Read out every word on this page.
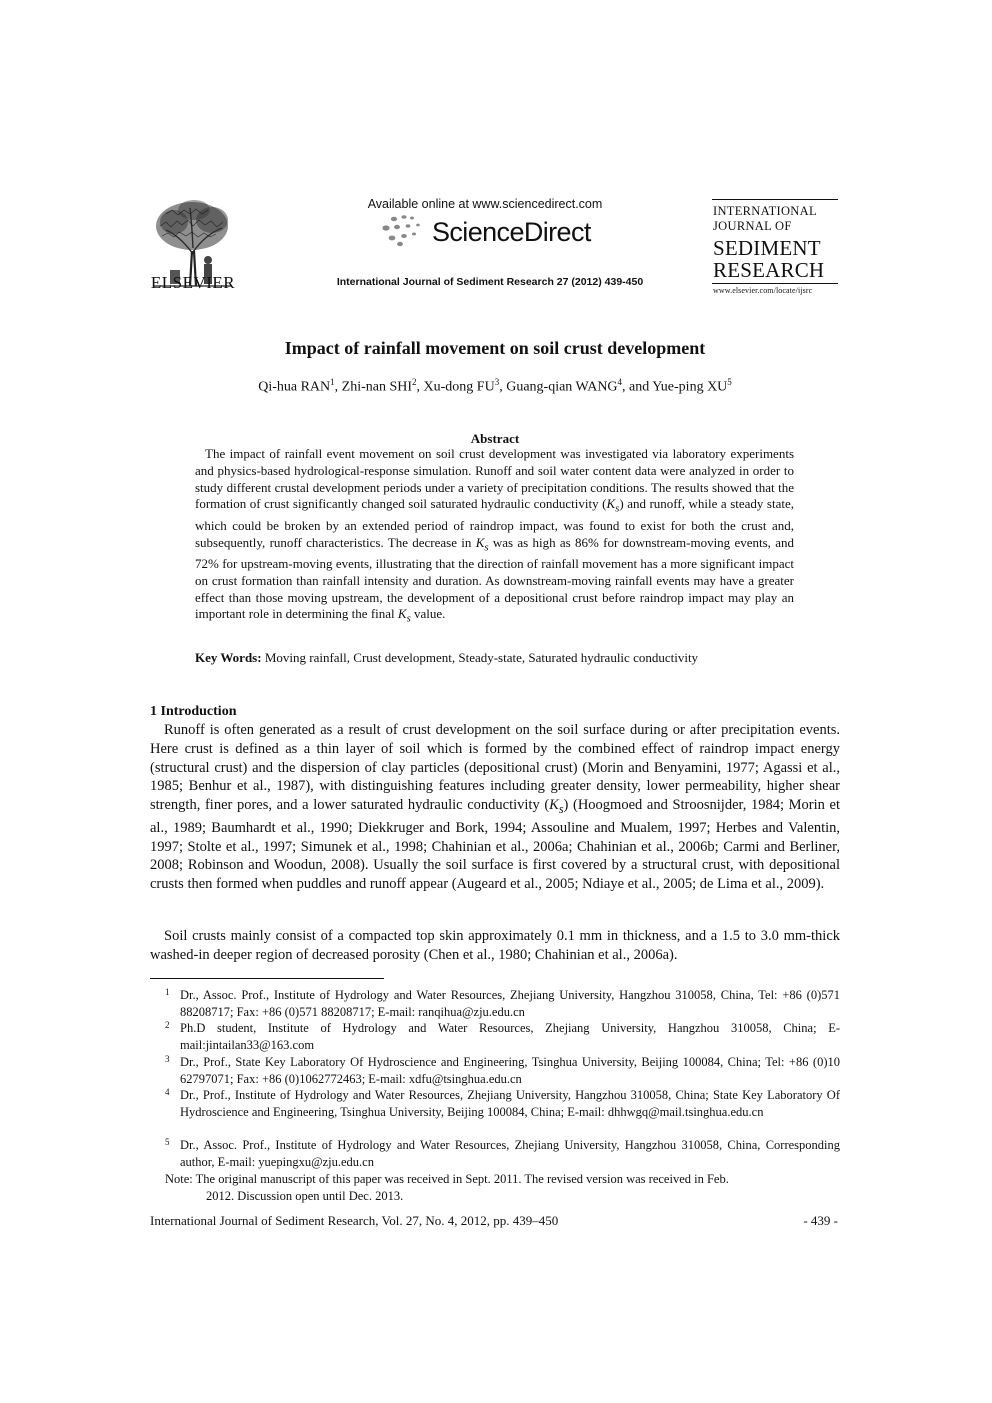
ELSEVIER
Available online at www.sciencedirect.com
ScienceDirect
International Journal of Sediment Research 27 (2012) 439-450
INTERNATIONAL
JOURNAL OF
SEDIMENT
RESEARCH
www.elsevier.com/locate/ijsrc
Impact of rainfall movement on soil crust development
Qi-hua RAN$^1$, Zhi-nan SHI$^2$, Xu-dong $FU^3$, Guang-qian WANG$^4$, and Yue-ping $XU^5$
Abstract

The impact of rainfall event movement on soil crust development was investigated via laboratory experiments and physics-based hydrological-response simulation. Runoff and soil water content data were analyzed in order to study different crustal development periods under a variety of precipitation conditions. The results showed that the formation of crust significantly changed soil saturated hydraulic conductivity $(K_s)$ and runoff, while a steady state, which could be broken by an extended period of raindrop impact, was found to exist for both the crust and, subsequently, runoff characteristics. The decrease in $K_s$ was as high as 86% for downstream-moving events, and 72% for upstream-moving events, illustrating that the direction of rainfall movement has a more significant impact on crust formation than rainfall intensity and duration. As downstream-moving rainfall events may have a greater effect than those moving upstream, the development of a depositional crust before raindrop impact may play an important role in determining the final $K_s$ value.

Key Words: Moving rainfall, Crust development, Steady-state, Saturated hydraulic conductivity
1 Introduction

Runoff is often generated as a result of crust development on the soil surface during or after precipitation events. Here crust is defined as a thin layer of soil which is formed by the combined effect of raindrop impact energy (structural crust) and the dispersion of clay particles (depositional crust) (Morin and Benyamini, 1977; Agassi et al., 1985; Benhur et al., 1987), with distinguishing features including greater density, lower permeability, higher shear strength, finer pores, and a lower saturated hydraulic conductivity $(K_s)$ (Hoogmoed and Stroosnijder, 1984; Morin et al., 1989; Baumhardt et al., 1990; Diekkruger and Bork, 1994; Assouline and Mualem, 1997; Herbes and Valentin, 1997; Stolte et al., 1997; Simunek et al., 1998; Chahinian et al., 2006a; Chahinian et al., 2006b; Carmi and Berliner, 2008; Robinson and Woodun, 2008). Usually the soil surface is first covered by a structural crust, with depositional crusts then formed when puddles and runoff appear (Augeard et al., 2005; Ndiaye et al., 2005; de Lima et al., 2009).

Soil crusts mainly consist of a compacted top skin approximately 0.1 mm in thickness, and a 1.5 to 3.0 mm-thick washed-in deeper region of decreased porosity (Chen et al., 1980; Chahinian et al., 2006a).

1 Dr., Assoc. Prof., Institute of Hydrology and Water Resources, Zhejiang University, Hangzhou 310058, China, Tel: +86 (0)571 88208717; Fax: +86 (0)571 88208717; E-mail: ranqihua@zju.edu.cn
2 Ph.D student, Institute of Hydrology and Water Resources, Zhejiang University, Hangzhou 310058, China; E-mail:jintailan33@163.com
3 Dr., Prof., State Key Laboratory Of Hydroscience and Engineering, Tsinghua University, Beijing 100084, China; Tel: +86 (0)10 62797071; Fax: +86 (0)1062772463; E-mail: xdfu@tsinghua.edu.cn
4 Dr., Prof., Institute of Hydrology and Water Resources, Zhejiang University, Hangzhou 310058, China; State Key Laboratory Of Hydroscience and Engineering, Tsinghua University, Beijing 100084, China; E-mail: dhhwgq@mail.tsinghua.edu.cn
5 Dr., Assoc. Prof., Institute of Hydrology and Water Resources, Zhejiang University, Hangzhou 310058, China, Corresponding author, E-mail: yuepingxu@zju.edu.cn
Note: The original manuscript of this paper was received in Sept. 2011. The revised version was received in Feb.
2012. Discussion open until Dec. 2013.
International Journal of Sediment Research, Vol. 27, No. 4, 2012, pp. 439–450	- 439 -
